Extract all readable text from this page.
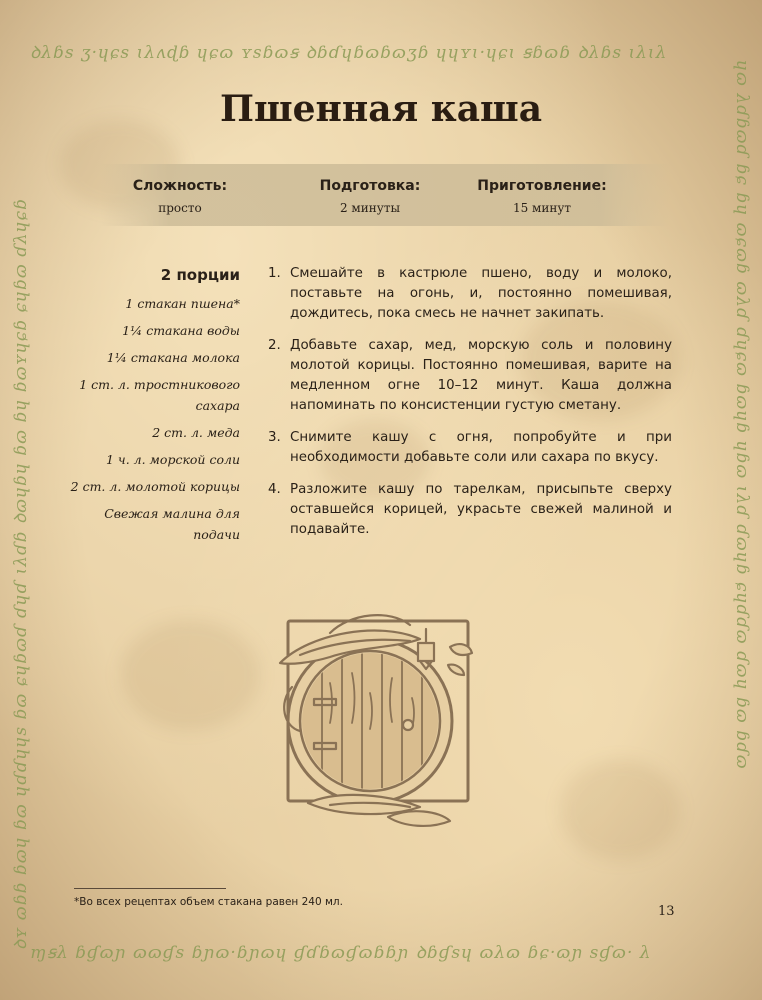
ꝺλɓs ʒ·ɥɕs ɩλʌɖɓ ɥɕɷ ʏsɓɷꞩ ꝺɓɗɥɓɷɓɷʒɓ ɥɥʏɩ·ɥɕɩ ꞩɓɷɓ ꝺλɓs ɩλɩλ
ɱꞩλ ɓɠɷɲ ɷɷɠs ɓɲɷ·ɓɲɷɥ ɠɗɓɷɠɷɓɓɲ ꝺɓɠsɥ ɷλɷ ɓɕ·ɷɲ sɠɷ· λ
ꝺʏ ɷɓɓ ɓɷɥ ɓɷ ɥɗɗɥɥs ɓɷ ɕɥɓɷɗ ɗɥɗ ɩλɗɓ ꝺɷɥɓɥ ɓɷ ɓɥ ɓɷʏɥɕɓ ɕɥɓɷ ɗλɥɕɓ	ɥɷ λɗɓɷɗ ɓɕ ɓɥ ɷɕɷɓ ɷλɗ ɗɥɕɷ ɓɷɥɓ ɥɓɷ ɩλɗ ɗɷɥɓ ɕɥɗɗɷ ɗɷɥ ɓɷ ɓɗɷ
Пшенная каша
Сложность:
просто
Подготовка:
2 минуты
Приготовление:
15 минут
2 порции
1 стакан пшена*
1¼ стакана воды
1¼ стакана молока
1 ст. л. тростникового сахара
2 ст. л. меда
1 ч. л. морской соли
2 ст. л. молотой корицы
Свежая малина для подачи
1. Смешайте в кастрюле пшено, воду и молоко, поставьте на огонь, и, постоянно помешивая, дождитесь, пока смесь не начнет закипать.
2. Добавьте сахар, мед, морскую соль и половину молотой корицы. Постоянно помешивая, варите на медленном огне 10–12 минут. Каша должна напоминать по консистенции густую сметану.
3. Снимите кашу с огня, попробуйте и при необходимости добавьте соли или сахара по вкусу.
4. Разложите кашу по тарелкам, присыпьте сверху оставшейся корицей, украсьте свежей малиной и подавайте.
*Во всех рецептах объем стакана равен 240 мл.
13
